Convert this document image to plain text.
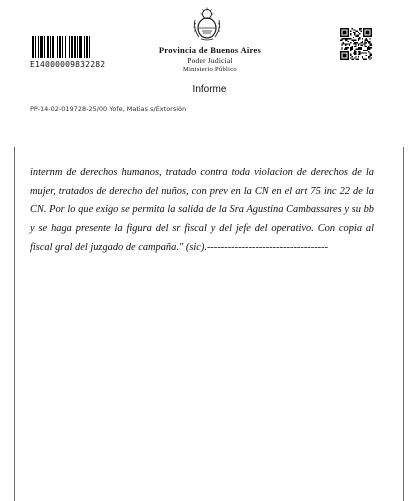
E14000009832282
Provincia de Buenos Aires
Poder Judicial
Ministerio Público
Informe
PP-14-02-019728-25/00 Yofe, Matias s/Extorsión
internm de derechos humanos, tratado contra toda violacion de derechos de la mujer, tratados de derecho del nuños, con prev en la CN en el art 75 inc 22 de la CN. Por lo que exigo se permita la salida de la Sra Agustina Cambassares y su bb y se haga presente la figura del sr fiscal y del jefe del operativo. Con copia al fiscal gral del juzgado de campaña." (sic).-----------------------------------
